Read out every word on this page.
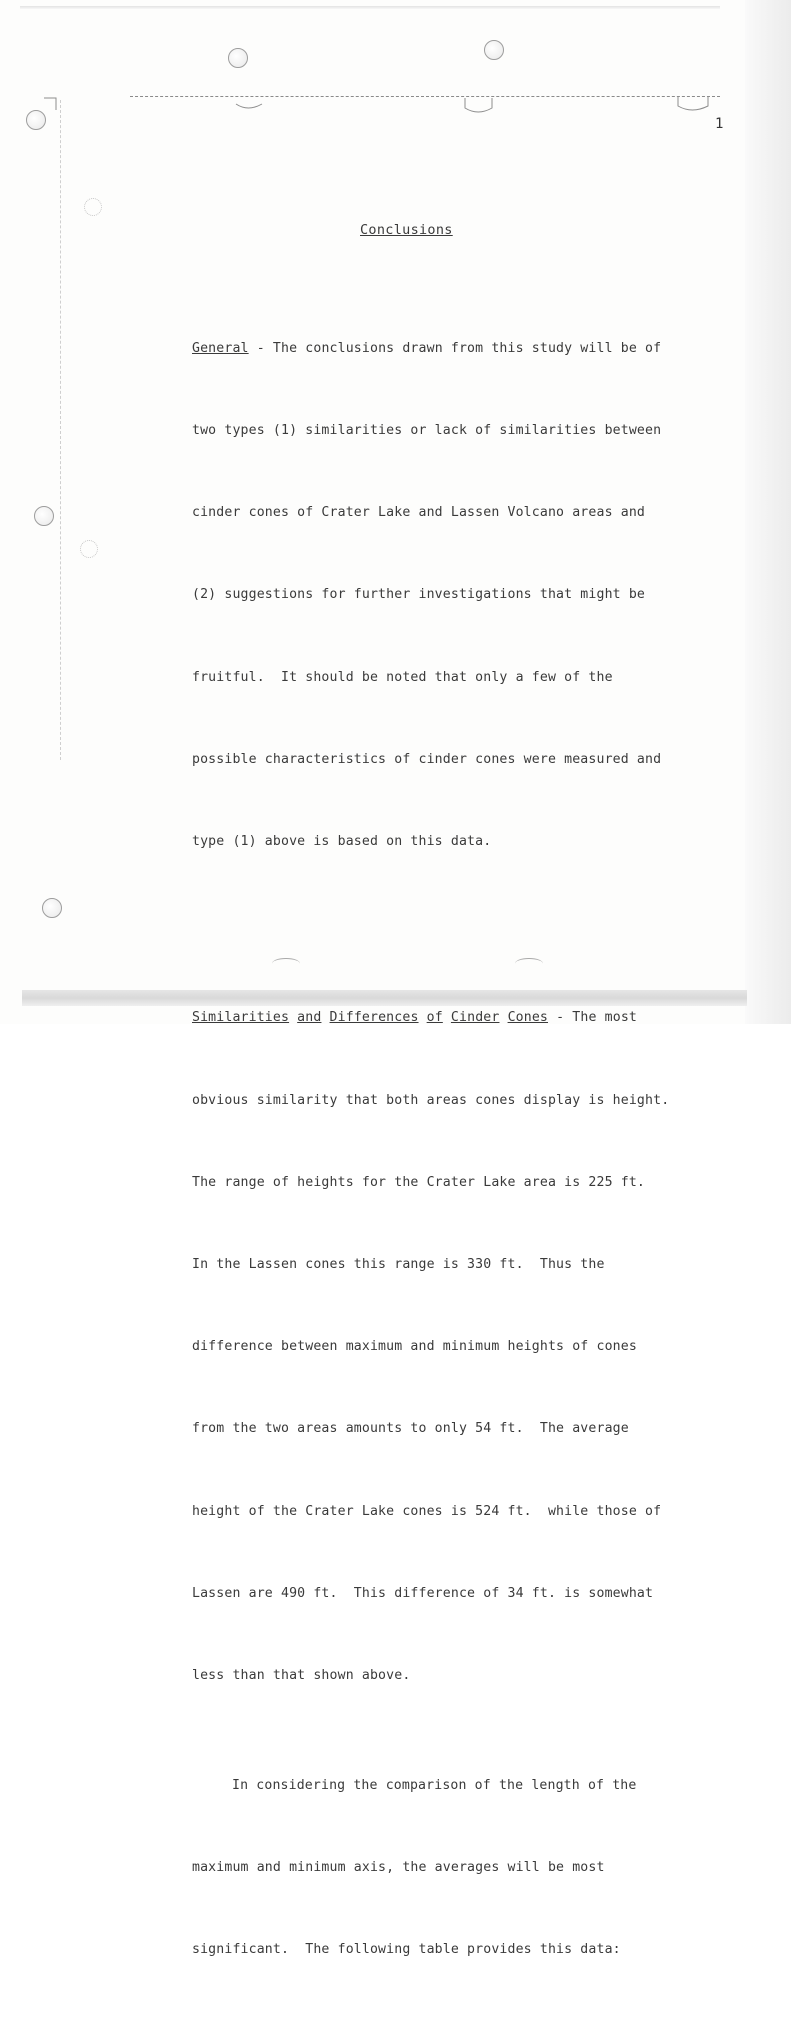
1
Conclusions

General - The conclusions drawn from this study will be of

two types (1) similarities or lack of similarities between

cinder cones of Crater Lake and Lassen Volcano areas and

(2) suggestions for further investigations that might be

fruitful.  It should be noted that only a few of the

possible characteristics of cinder cones were measured and

type (1) above is based on this data.

Similarities and Differences of Cinder Cones - The most

obvious similarity that both areas cones display is height.

The range of heights for the Crater Lake area is 225 ft.

In the Lassen cones this range is 330 ft.  Thus the

difference between maximum and minimum heights of cones

from the two areas amounts to only 54 ft.  The average

height of the Crater Lake cones is 524 ft.  while those of

Lassen are 490 ft.  This difference of 34 ft. is somewhat

less than that shown above.

In considering the comparison of the length of the

maximum and minimum axis, the averages will be most

significant.  The following table provides this data:
